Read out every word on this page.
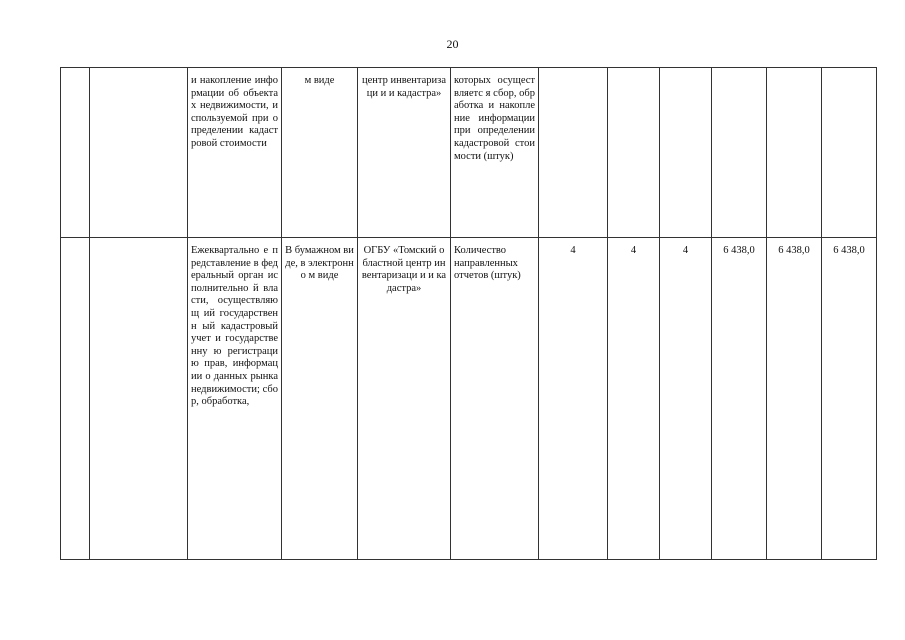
20
		и накопление информации об объектах недвижимости, используемой при определении кадастровой стоимости	м виде	центр инвентаризаци и и кадастра»	которых осуществляетс я сбор, обработка и накопление информации при определении кадастровой стоимости (штук)						
		Ежеквартально е представление в федеральный орган исполнительно й власти, осуществляющ ий государственн ый кадастровый учет и государственну ю регистрацию прав, информации о данных рынка недвижимости; сбор, обработка,	В бумажном виде, в электронно м виде	ОГБУ «Томский областной центр инвентаризаци и и кадастра»	Количество направленных отчетов (штук)	4	4	4	6 438,0	6 438,0	6 438,0
